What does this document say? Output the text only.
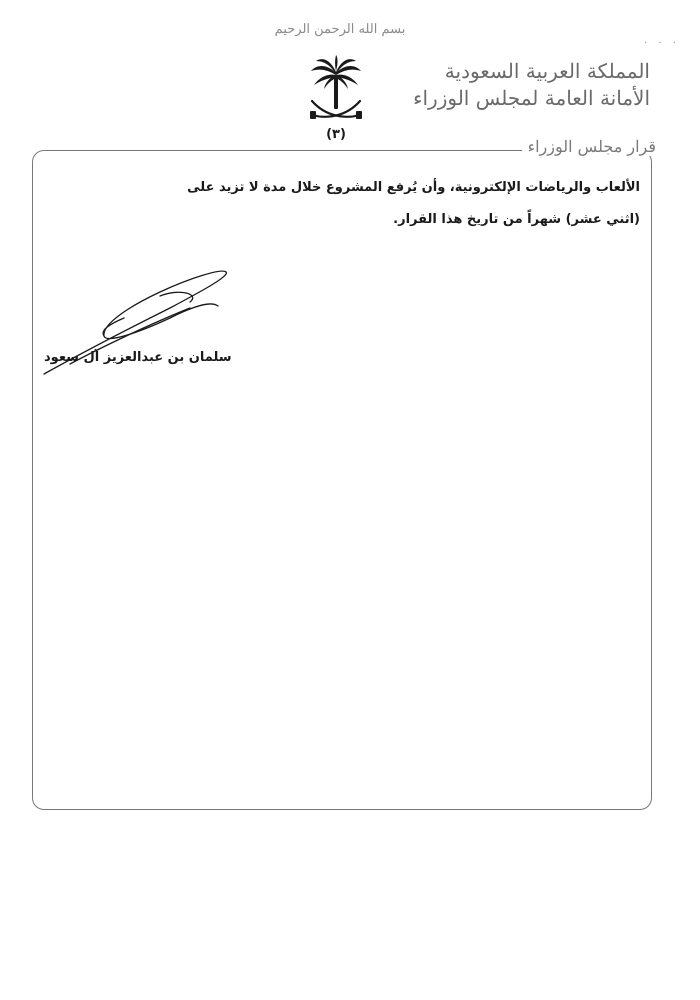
· · ·
بسم الله الرحمن الرحيم
(٣)
المملكة العربية السعودية
الأمانة العامة لمجلس الوزراء
قرار مجلس الوزراء

الألعاب والرياضات الإلكترونية، وأن يُرفع المشروع خلال مدة لا تزيد على

(اثني عشر) شهراً من تاريخ هذا القرار.

سلمان بن عبدالعزيز آل سعود
